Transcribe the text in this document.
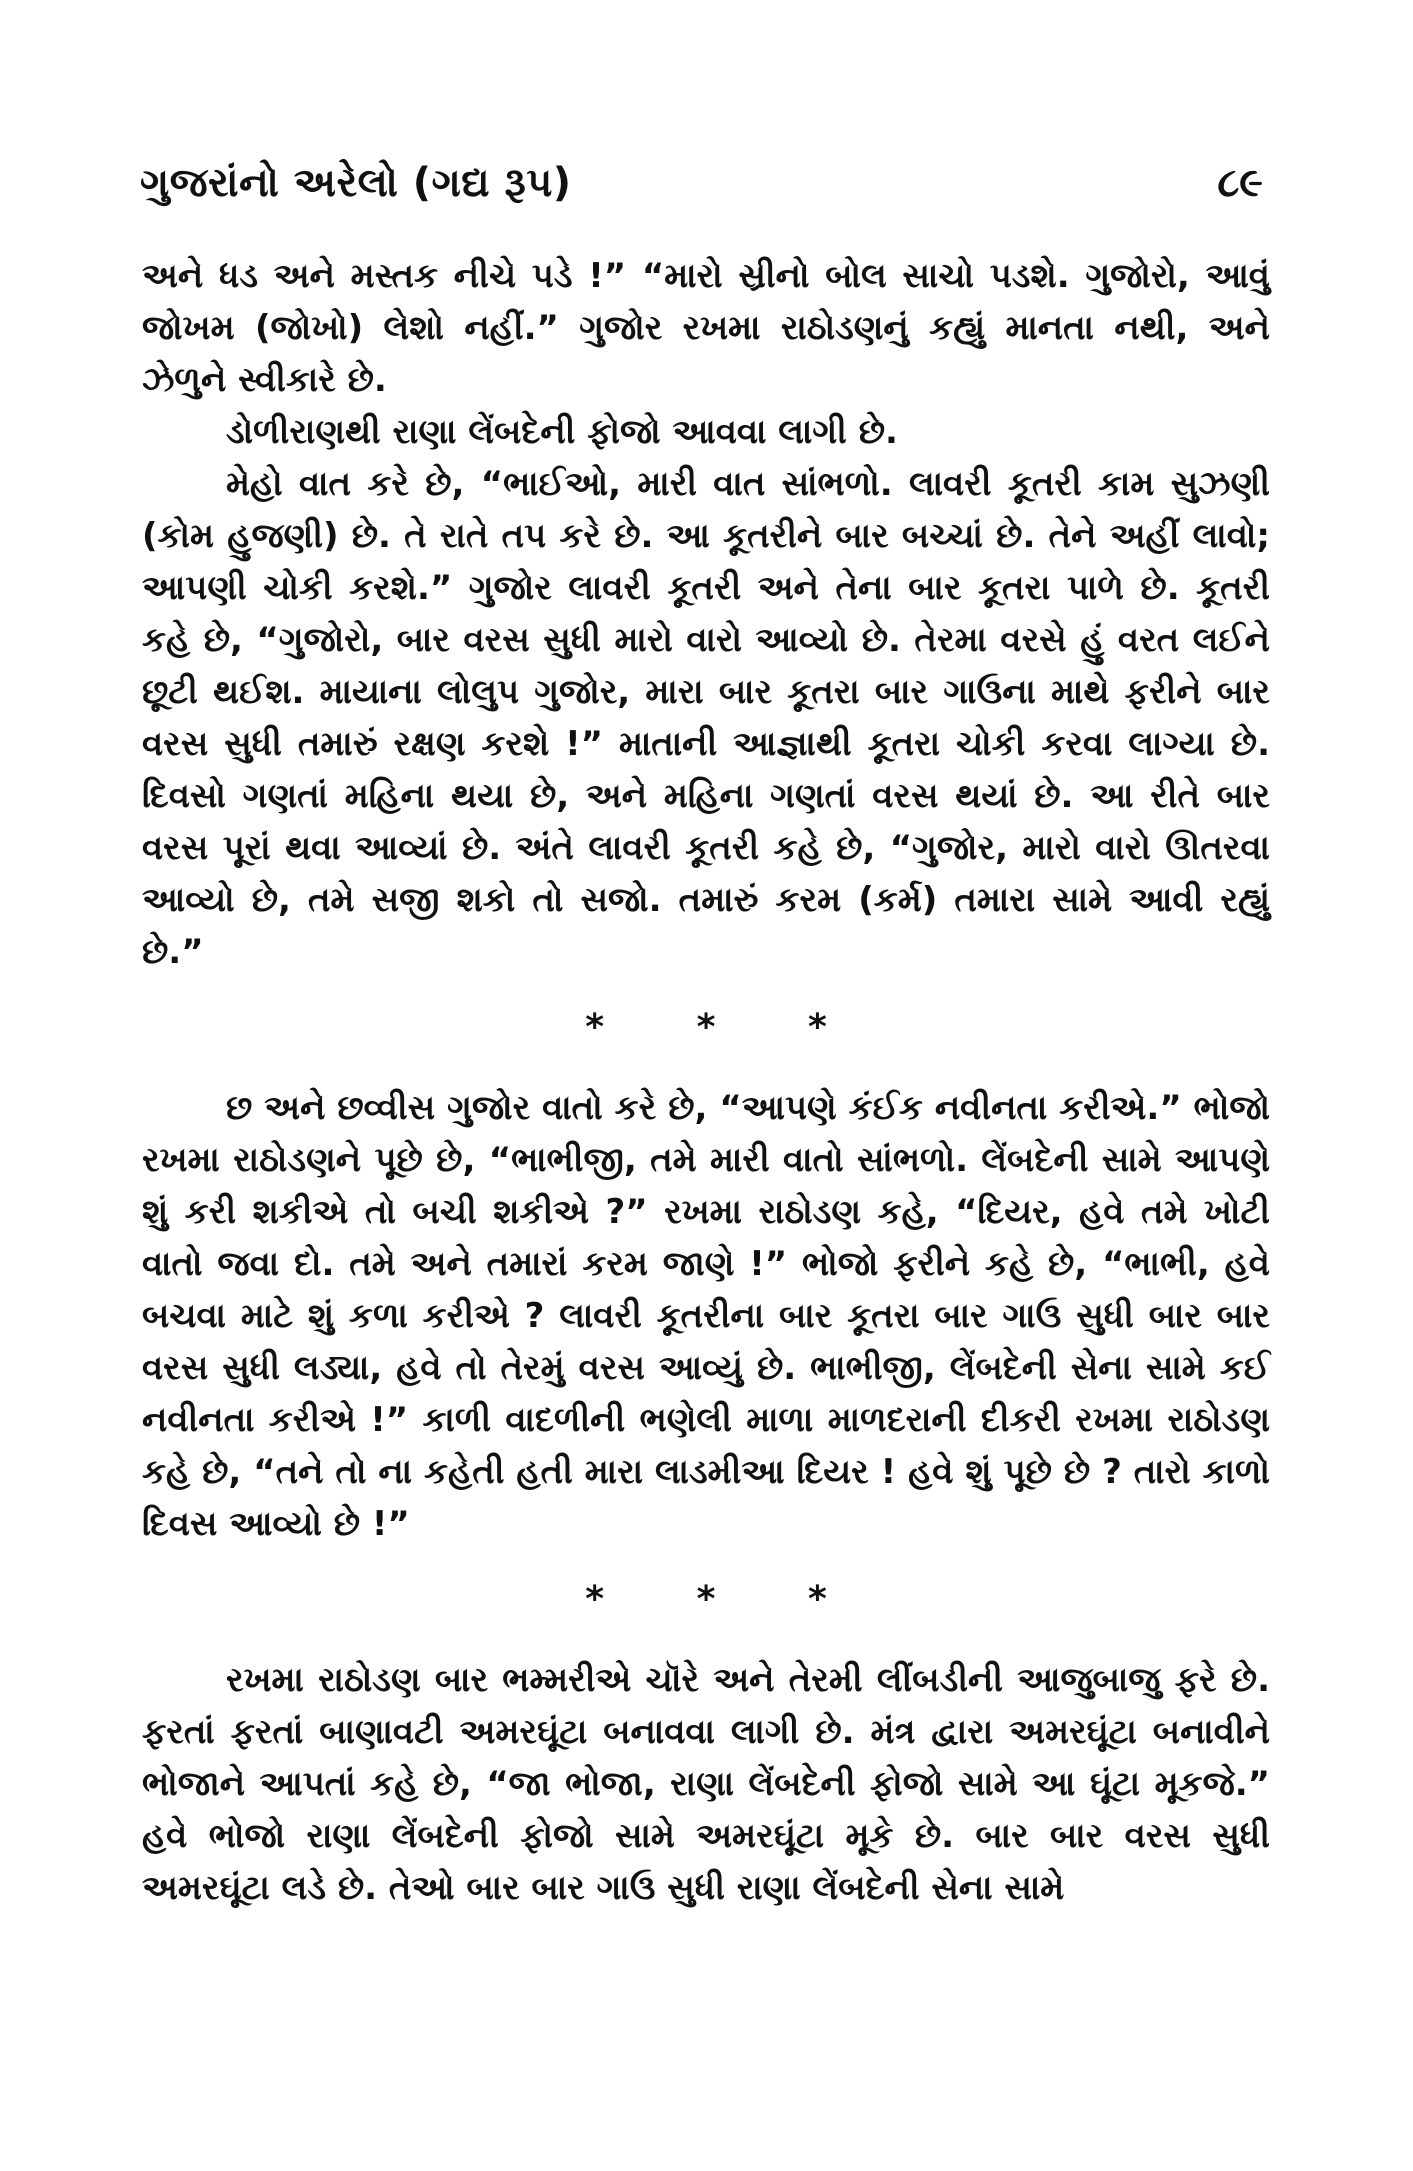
ગુજરાંનો અરેલો (ગદ્ય રૂપ)	૮૯

અને ધડ અને મસ્તક નીચે પડે !” “મારો સ્રીનો બોલ સાચો પડશે. ગુજોરો, આવું જોખમ (જોખો) લેશો નહીં.” ગુજોર રખમા રાઠોડણનું કહ્યું માનતા નથી, અને ઝેળુને સ્વીકારે છે.

ડોળીરાણથી રાણા લેંબદેની ફોજો આવવા લાગી છે.

મેહો વાત કરે છે, “ભાઈઓ, મારી વાત સાંભળો. લાવરી કૂતરી કામ સુઝણી (કોમ હુજણી) છે. તે રાતે તપ કરે છે. આ કૂતરીને બાર બચ્ચાં છે. તેને અહીં લાવો; આપણી ચોકી કરશે.” ગુજોર લાવરી કૂતરી અને તેના બાર કૂતરા પાળે છે. કૂતરી કહે છે, “ગુજોરો, બાર વરસ સુધી મારો વારો આવ્યો છે. તેરમા વરસે હું વરત લઈને છૂટી થઈશ. માયાના લોલુપ ગુજોર, મારા બાર કૂતરા બાર ગાઉના માથે ફરીને બાર વરસ સુધી તમારું રક્ષણ કરશે !” માતાની આજ્ઞાથી કૂતરા ચોકી કરવા લાગ્યા છે. દિવસો ગણતાં મહિના થયા છે, અને મહિના ગણતાં વરસ થયાં છે. આ રીતે બાર વરસ પૂરાં થવા આવ્યાં છે. અંતે લાવરી કૂતરી કહે છે, “ગુજોર, મારો વારો ઊતરવા આવ્યો છે, તમે સજી શકો તો સજો. તમારું કરમ (કર્મ) તમારા સામે આવી રહ્યું છે.”

* * *

છ અને છવ્વીસ ગુજોર વાતો કરે છે, “આપણે કંઈક નવીનતા કરીએ.” ભોજો રખમા રાઠોડણને પૂછે છે, “ભાભીજી, તમે મારી વાતો સાંભળો. લેંબદેની સામે આપણે શું કરી શકીએ તો બચી શકીએ ?” રખમા રાઠોડણ કહે, “દિયર, હવે તમે ખોટી વાતો જવા દો. તમે અને તમારાં કરમ જાણે !” ભોજો ફરીને કહે છે, “ભાભી, હવે બચવા માટે શું કળા કરીએ ? લાવરી કૂતરીના બાર કૂતરા બાર ગાઉ સુધી બાર બાર વરસ સુધી લડ્યા, હવે તો તેરમું વરસ આવ્યું છે. ભાભીજી, લેંબદેની સેના સામે કઈ નવીનતા કરીએ !” કાળી વાદળીની ભણેલી માળા માળદરાની દીકરી રખમા રાઠોડણ કહે છે, “તને તો ના કહેતી હતી મારા લાડમીઆ દિયર ! હવે શું પૂછે છે ? તારો કાળો દિવસ આવ્યો છે !”

* * *

રખમા રાઠોડણ બાર ભમ્મરીએ ચૉરે અને તેરમી લીંબડીની આજુબાજુ ફરે છે. ફરતાં ફરતાં બાણાવટી અમરઘૂંટા બનાવવા લાગી છે. મંત્ર દ્વારા અમરઘૂંટા બનાવીને ભોજાને આપતાં કહે છે, “જા ભોજા, રાણા લેંબદેની ફોજો સામે આ ઘૂંટા મૂકજે.” હવે ભોજો રાણા લેંબદેની ફોજો સામે અમરઘૂંટા મૂકે છે. બાર બાર વરસ સુધી અમરઘૂંટા લડે છે. તેઓ બાર બાર ગાઉ સુધી રાણા લેંબદેની સેના સામે
